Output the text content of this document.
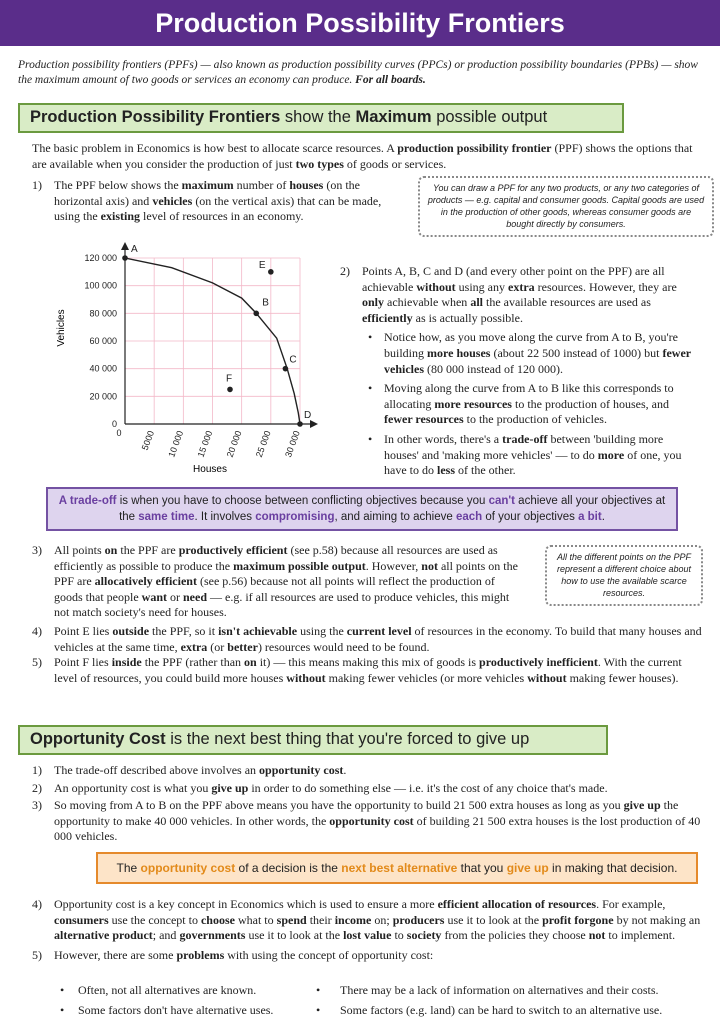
Production Possibility Frontiers
Production possibility frontiers (PPFs) — also known as production possibility curves (PPCs) or production possibility boundaries (PPBs) — show the maximum amount of two goods or services an economy can produce. For all boards.
Production Possibility Frontiers show the Maximum possible output
The basic problem in Economics is how best to allocate scarce resources. A production possibility frontier (PPF) shows the options that are available when you consider the production of just two types of goods or services.
1) The PPF below shows the maximum number of houses (on the horizontal axis) and vehicles (on the vertical axis) that can be made, using the existing level of resources in an economy.
You can draw a PPF for any two products, or any two categories of products — e.g. capital and consumer goods. Capital goods are used in the production of other goods, whereas consumer goods are bought directly by consumers.
A
B
C
D
E
F
0
20 000
40 000
60 000
80 000
100 000
120 000
0 5000 10 000 15 000 20 000 25 000 30 000
Houses
Vehicles
2) Points A, B, C and D (and every other point on the PPF) are all achievable without using any extra resources. However, they are only achievable when all the available resources are used as efficiently as is actually possible.
• Notice how, as you move along the curve from A to B, you're building more houses (about 22 500 instead of 1000) but fewer vehicles (80 000 instead of 120 000).
• Moving along the curve from A to B like this corresponds to allocating more resources to the production of houses, and fewer resources to the production of vehicles.
• In other words, there's a trade-off between 'building more houses' and 'making more vehicles' — to do more of one, you have to do less of the other.
A trade-off is when you have to choose between conflicting objectives because you can't achieve all your objectives at the same time. It involves compromising, and aiming to achieve each of your objectives a bit.
3) All points on the PPF are productively efficient (see p.58) because all resources are used as efficiently as possible to produce the maximum possible output. However, not all points on the PPF are allocatively efficient (see p.56) because not all points will reflect the production of goods that people want or need — e.g. if all resources are used to produce vehicles, this might not match society's need for houses.
All the different points on the PPF represent a different choice about how to use the available scarce resources.
4) Point E lies outside the PPF, so it isn't achievable using the current level of resources in the economy. To build that many houses and vehicles at the same time, extra (or better) resources would need to be found.
5) Point F lies inside the PPF (rather than on it) — this means making this mix of goods is productively inefficient. With the current level of resources, you could build more houses without making fewer vehicles (or more vehicles without making fewer houses).
Opportunity Cost is the next best thing that you're forced to give up
1) The trade-off described above involves an opportunity cost.
2) An opportunity cost is what you give up in order to do something else — i.e. it's the cost of any choice that's made.
3) So moving from A to B on the PPF above means you have the opportunity to build 21 500 extra houses as long as you give up the opportunity to make 40 000 vehicles. In other words, the opportunity cost of building 21 500 extra houses is the lost production of 40 000 vehicles.
The opportunity cost of a decision is the next best alternative that you give up in making that decision.
4) Opportunity cost is a key concept in Economics which is used to ensure a more efficient allocation of resources. For example, consumers use the concept to choose what to spend their income on; producers use it to look at the profit forgone by not making an alternative product; and governments use it to look at the lost value to society from the policies they choose not to implement.
5) However, there are some problems with using the concept of opportunity cost:
• Often, not all alternatives are known.	• There may be a lack of information on alternatives and their costs.
• Some factors don't have alternative uses.	• Some factors (e.g. land) can be hard to switch to an alternative use.
